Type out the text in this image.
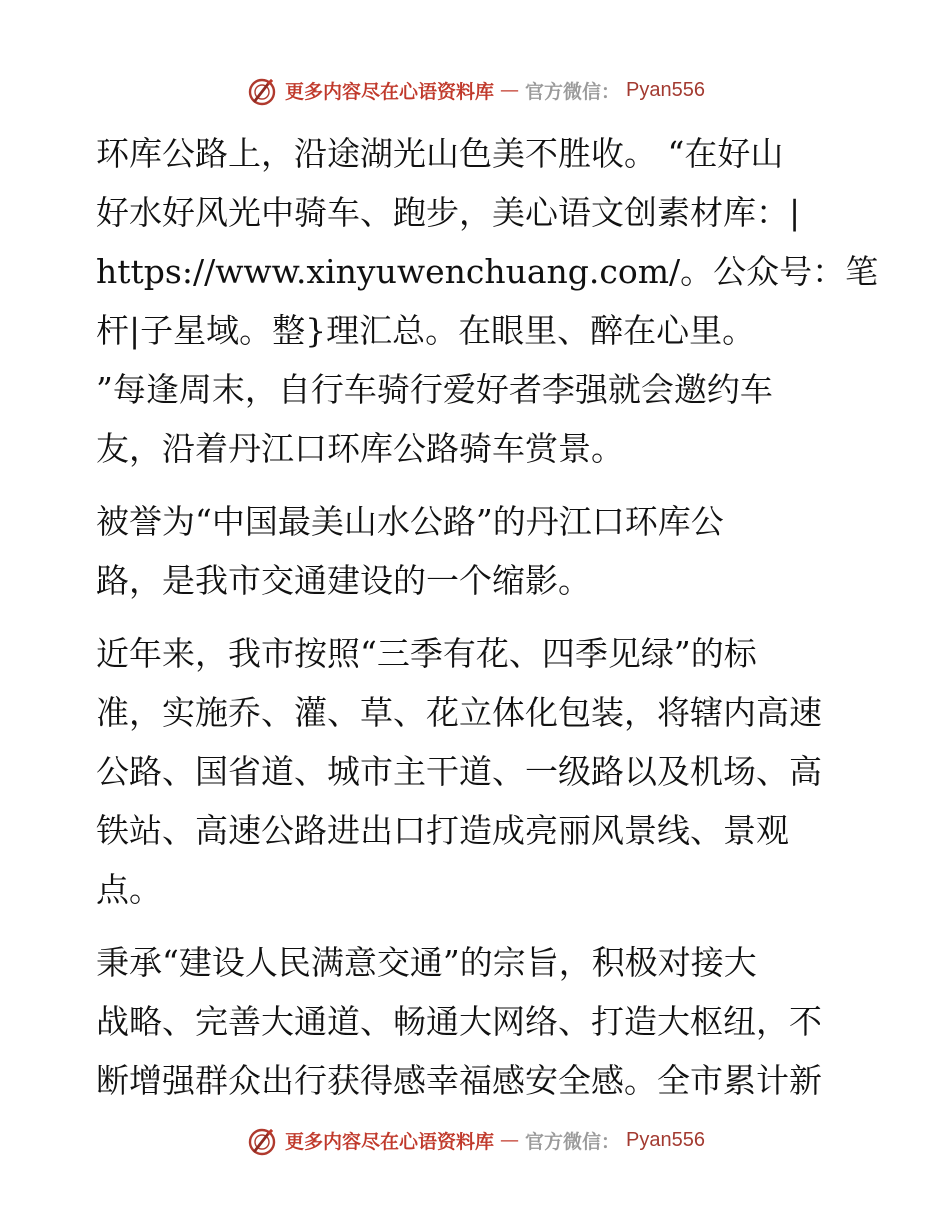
更多内容尽在心语资料库 — 官方微信： Pyan556
环库公路上，沿途湖光山色美不胜收。 “在好山
好水好风光中骑车、跑步，美心语文创素材库：|
https://www.xinyuwenchuang.com/。公众号：笔
杆|子星域。整}理汇总。在眼里、醉在心里。
”每逢周末，自行车骑行爱好者李强就会邀约车
友，沿着丹江口环库公路骑车赏景。
被誉为“中国最美山水公路”的丹江口环库公
路，是我市交通建设的一个缩影。
近年来，我市按照“三季有花、四季见绿”的标
准，实施乔、灌、草、花立体化包装，将辖内高速
公路、国省道、城市主干道、一级路以及机场、高
铁站、高速公路进出口打造成亮丽风景线、景观
点。
秉承“建设人民满意交通”的宗旨，积极对接大
战略、完善大通道、畅通大网络、打造大枢纽，不
断增强群众出行获得感幸福感安全感。全市累计新
更多内容尽在心语资料库 — 官方微信： Pyan556
